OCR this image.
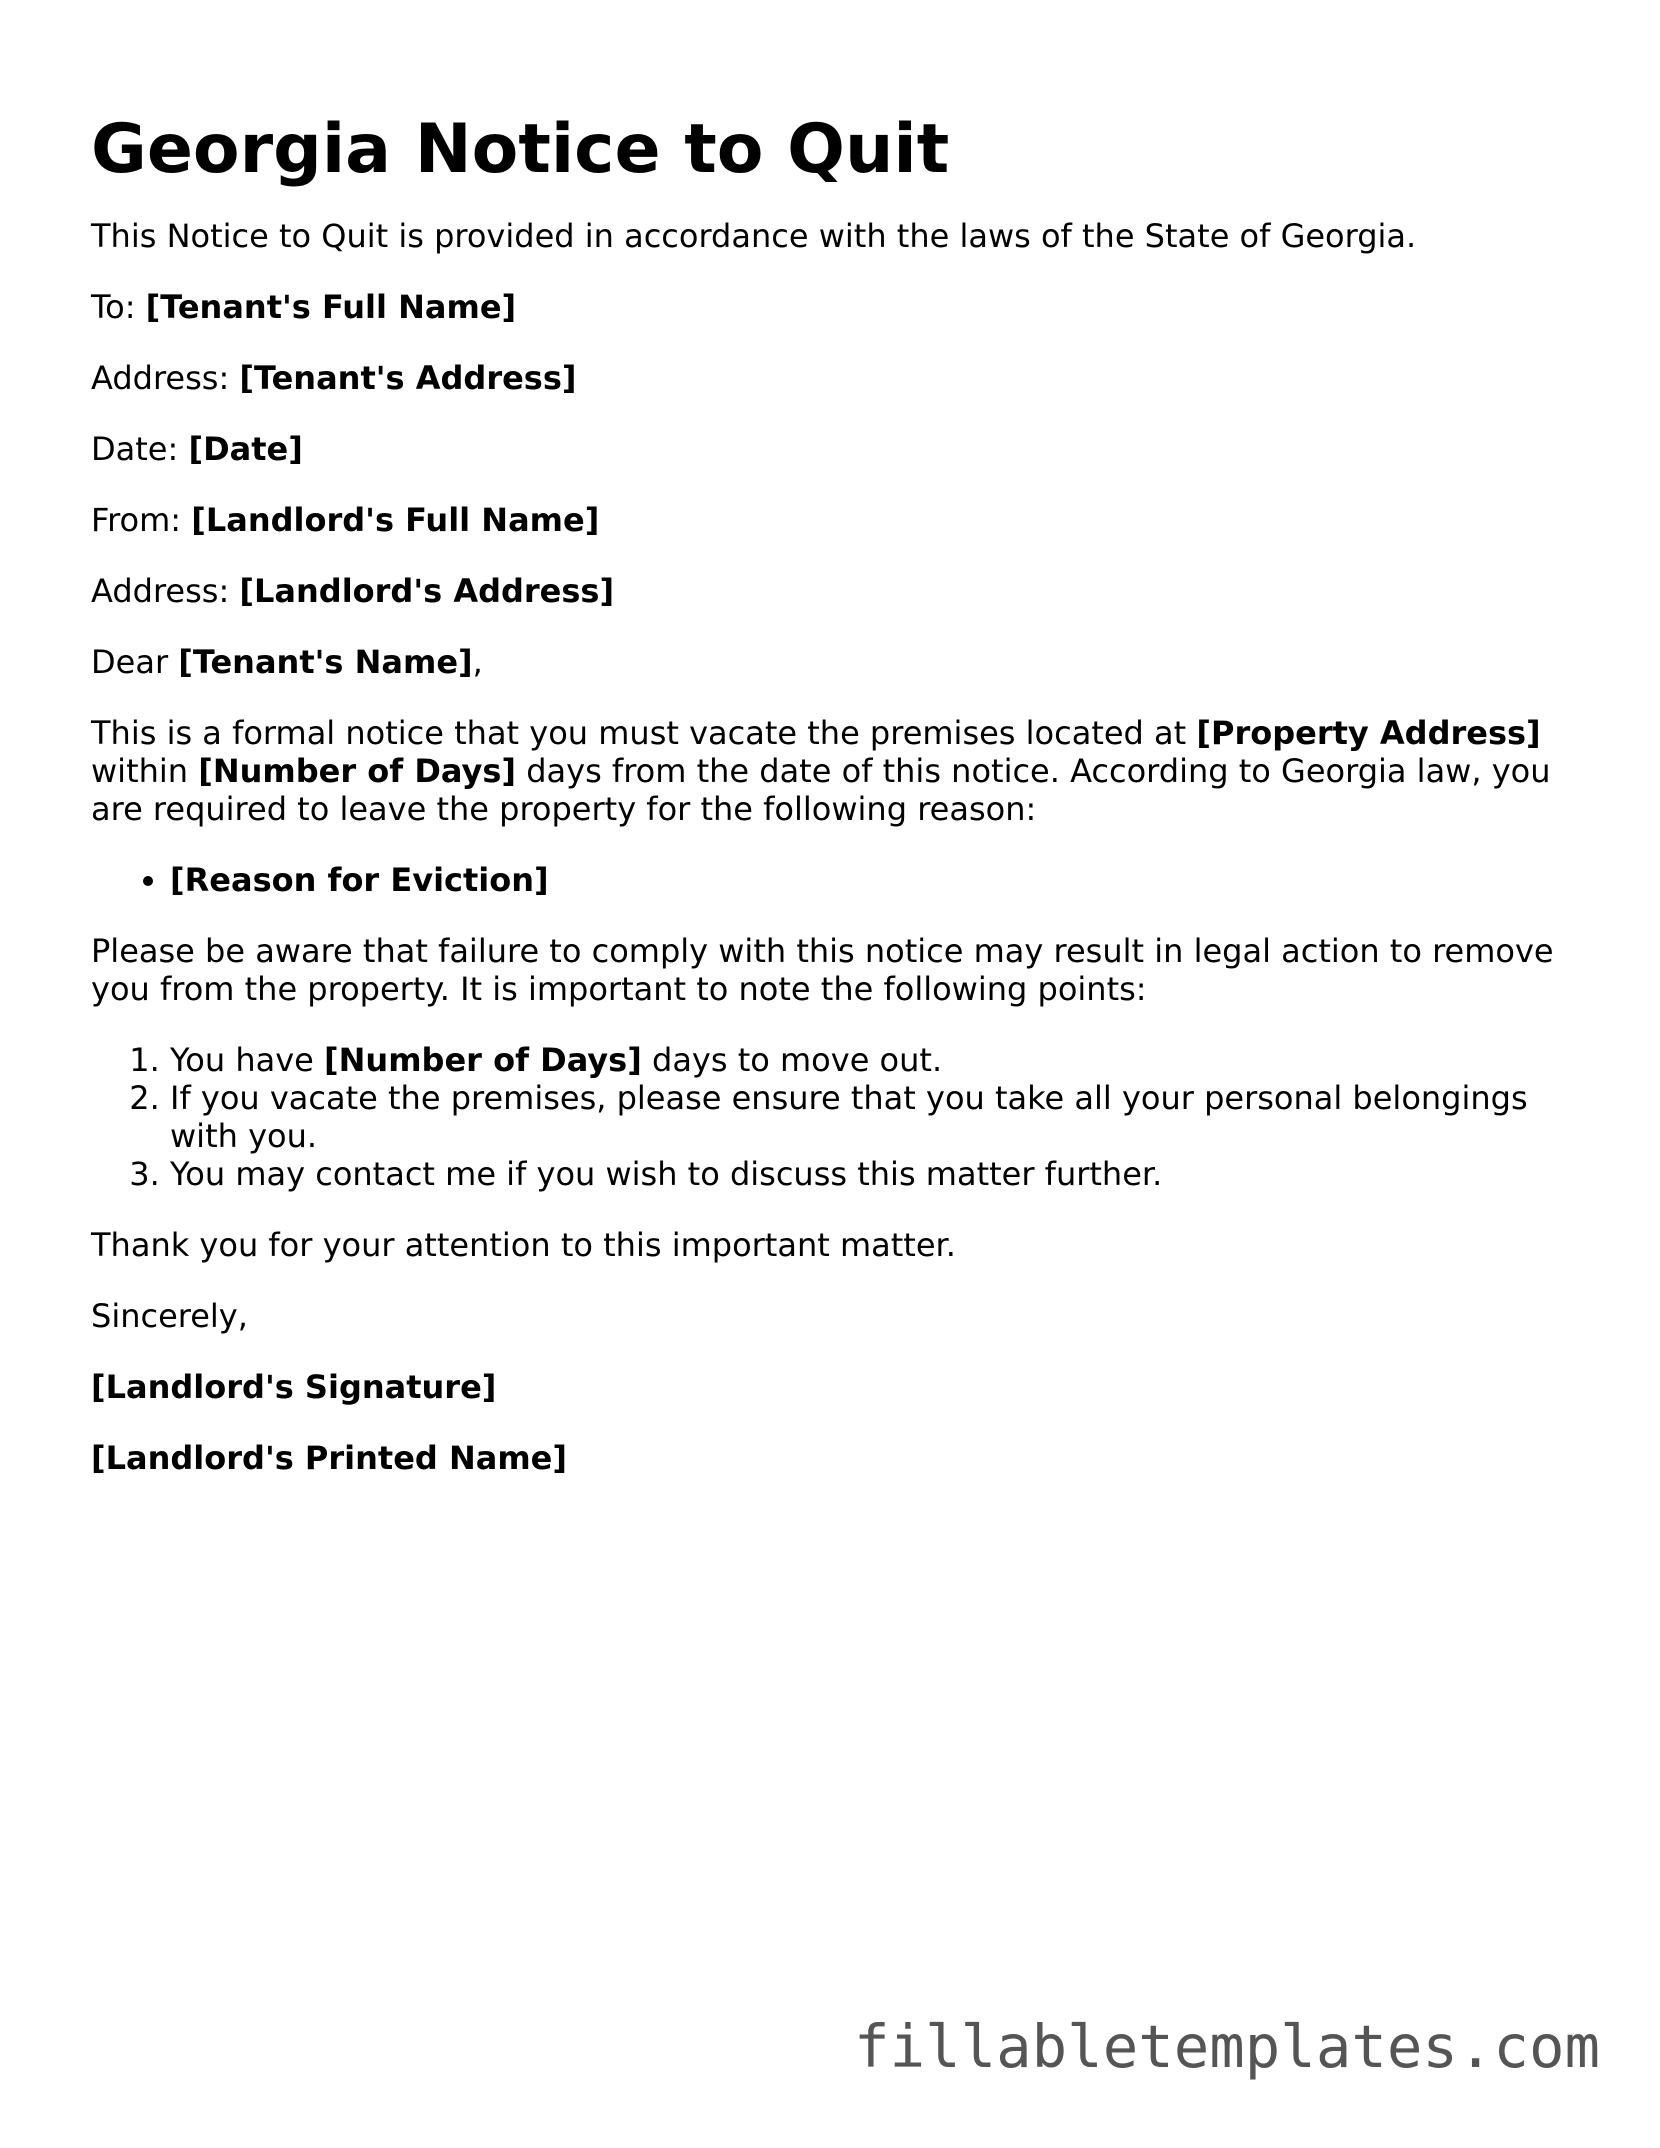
Georgia Notice to Quit

This Notice to Quit is provided in accordance with the laws of the State of Georgia.

To: [Tenant's Full Name]

Address: [Tenant's Address]

Date: [Date]

From: [Landlord's Full Name]

Address: [Landlord's Address]

Dear [Tenant's Name],

This is a formal notice that you must vacate the premises located at [Property Address] within [Number of Days] days from the date of this notice. According to Georgia law, you are required to leave the property for the following reason:

• [Reason for Eviction]

Please be aware that failure to comply with this notice may result in legal action to remove you from the property. It is important to note the following points:

1. You have [Number of Days] days to move out.
2. If you vacate the premises, please ensure that you take all your personal belongings with you.
3. You may contact me if you wish to discuss this matter further.

Thank you for your attention to this important matter.

Sincerely,

[Landlord's Signature]

[Landlord's Printed Name]

fillabletemplates.com
